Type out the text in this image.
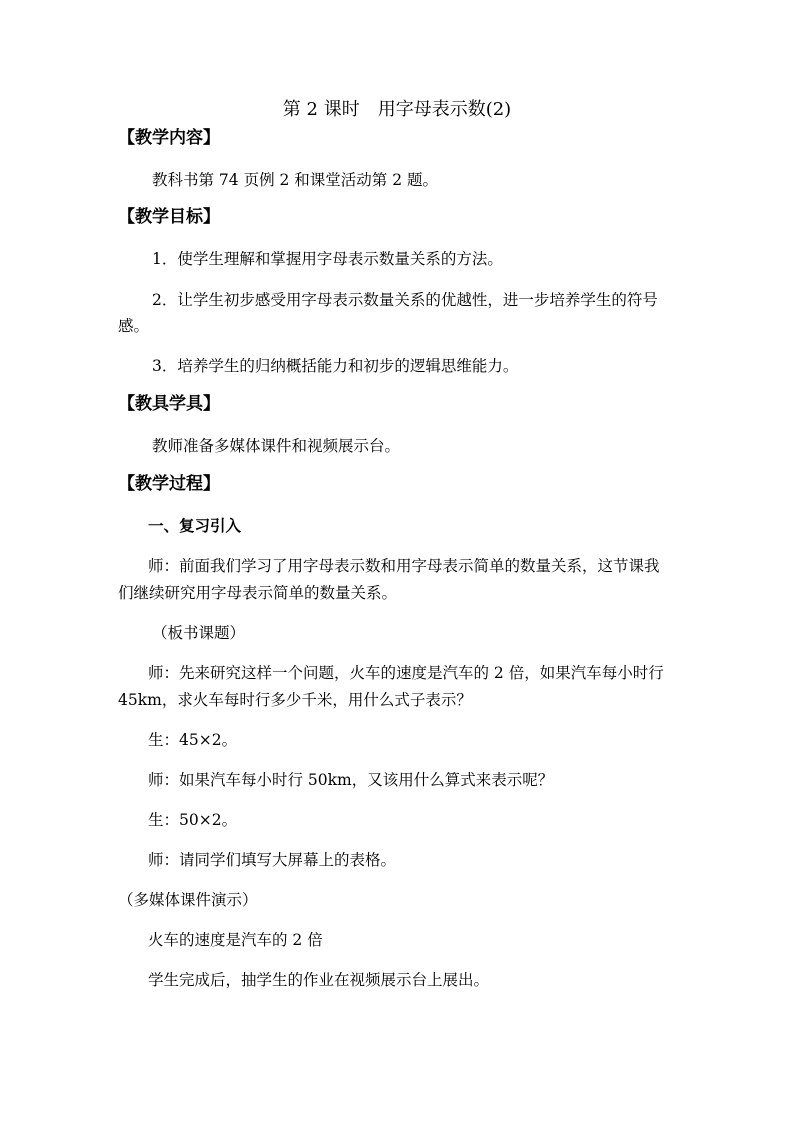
第 2 课时　用字母表示数(2)
【教学内容】
教科书第 74 页例 2 和课堂活动第 2 题。
【教学目标】
1．使学生理解和掌握用字母表示数量关系的方法。
2．让学生初步感受用字母表示数量关系的优越性，进一步培养学生的符号
感。
3．培养学生的归纳概括能力和初步的逻辑思维能力。
【教具学具】
教师准备多媒体课件和视频展示台。
【教学过程】
一、复习引入
师：前面我们学习了用字母表示数和用字母表示简单的数量关系，这节课我
们继续研究用字母表示简单的数量关系。
（板书课题）
师：先来研究这样一个问题，火车的速度是汽车的 2 倍，如果汽车每小时行
45km，求火车每时行多少千米，用什么式子表示？
生：45×2。
师：如果汽车每小时行 50km，又该用什么算式来表示呢？
生：50×2。
师：请同学们填写大屏幕上的表格。
（多媒体课件演示）
火车的速度是汽车的 2 倍
学生完成后，抽学生的作业在视频展示台上展出。
